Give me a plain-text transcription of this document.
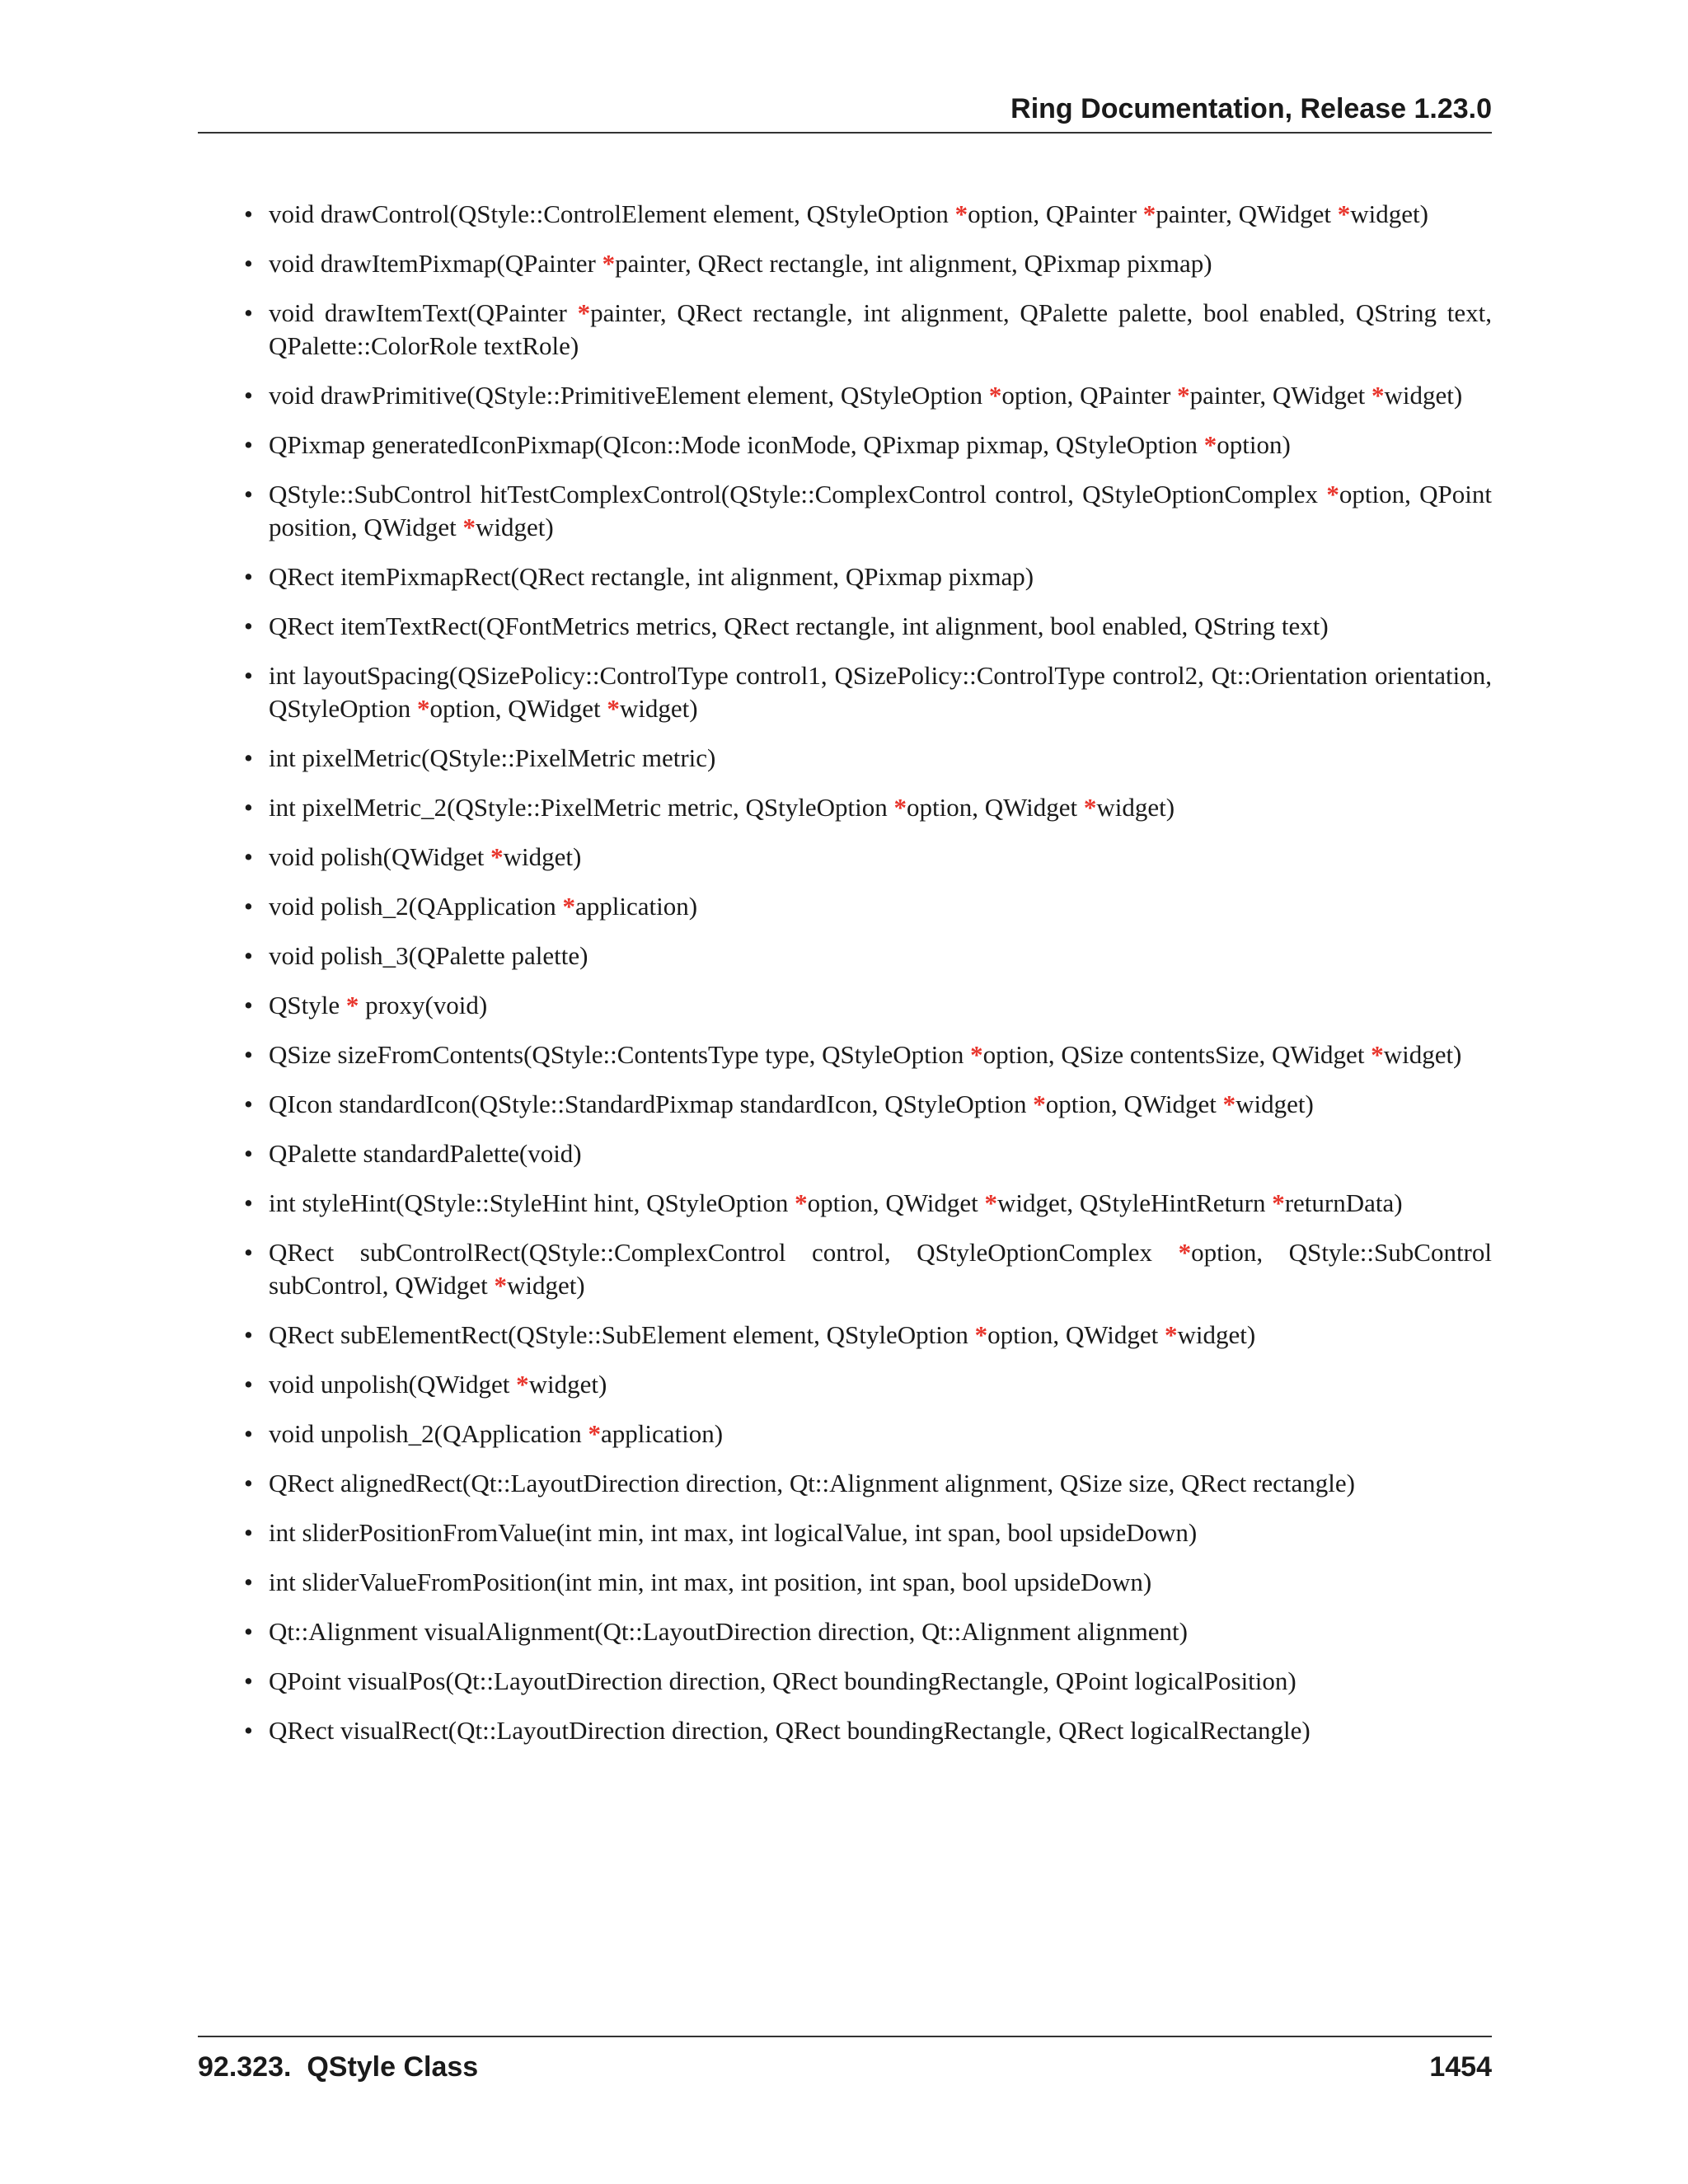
Ring Documentation, Release 1.23.0
• void drawControl(QStyle::ControlElement element, QStyleOption *option, QPainter *painter, QWidget *widget)
• void drawItemPixmap(QPainter *painter, QRect rectangle, int alignment, QPixmap pixmap)
• void drawItemText(QPainter *painter, QRect rectangle, int alignment, QPalette palette, bool enabled, QString text, QPalette::ColorRole textRole)
• void drawPrimitive(QStyle::PrimitiveElement element, QStyleOption *option, QPainter *painter, QWidget *widget)
• QPixmap generatedIconPixmap(QIcon::Mode iconMode, QPixmap pixmap, QStyleOption *option)
• QStyle::SubControl hitTestComplexControl(QStyle::ComplexControl control, QStyleOptionComplex *option, QPoint position, QWidget *widget)
• QRect itemPixmapRect(QRect rectangle, int alignment, QPixmap pixmap)
• QRect itemTextRect(QFontMetrics metrics, QRect rectangle, int alignment, bool enabled, QString text)
• int layoutSpacing(QSizePolicy::ControlType control1, QSizePolicy::ControlType control2, Qt::Orientation orientation, QStyleOption *option, QWidget *widget)
• int pixelMetric(QStyle::PixelMetric metric)
• int pixelMetric_2(QStyle::PixelMetric metric, QStyleOption *option, QWidget *widget)
• void polish(QWidget *widget)
• void polish_2(QApplication *application)
• void polish_3(QPalette palette)
• QStyle * proxy(void)
• QSize sizeFromContents(QStyle::ContentsType type, QStyleOption *option, QSize contentsSize, QWidget *widget)
• QIcon standardIcon(QStyle::StandardPixmap standardIcon, QStyleOption *option, QWidget *widget)
• QPalette standardPalette(void)
• int styleHint(QStyle::StyleHint hint, QStyleOption *option, QWidget *widget, QStyleHintReturn *returnData)
• QRect subControlRect(QStyle::ComplexControl control, QStyleOptionComplex *option, QStyle::SubControl subControl, QWidget *widget)
• QRect subElementRect(QStyle::SubElement element, QStyleOption *option, QWidget *widget)
• void unpolish(QWidget *widget)
• void unpolish_2(QApplication *application)
• QRect alignedRect(Qt::LayoutDirection direction, Qt::Alignment alignment, QSize size, QRect rectangle)
• int sliderPositionFromValue(int min, int max, int logicalValue, int span, bool upsideDown)
• int sliderValueFromPosition(int min, int max, int position, int span, bool upsideDown)
• Qt::Alignment visualAlignment(Qt::LayoutDirection direction, Qt::Alignment alignment)
• QPoint visualPos(Qt::LayoutDirection direction, QRect boundingRectangle, QPoint logicalPosition)
• QRect visualRect(Qt::LayoutDirection direction, QRect boundingRectangle, QRect logicalRectangle)
92.323.  QStyle Class	1454
